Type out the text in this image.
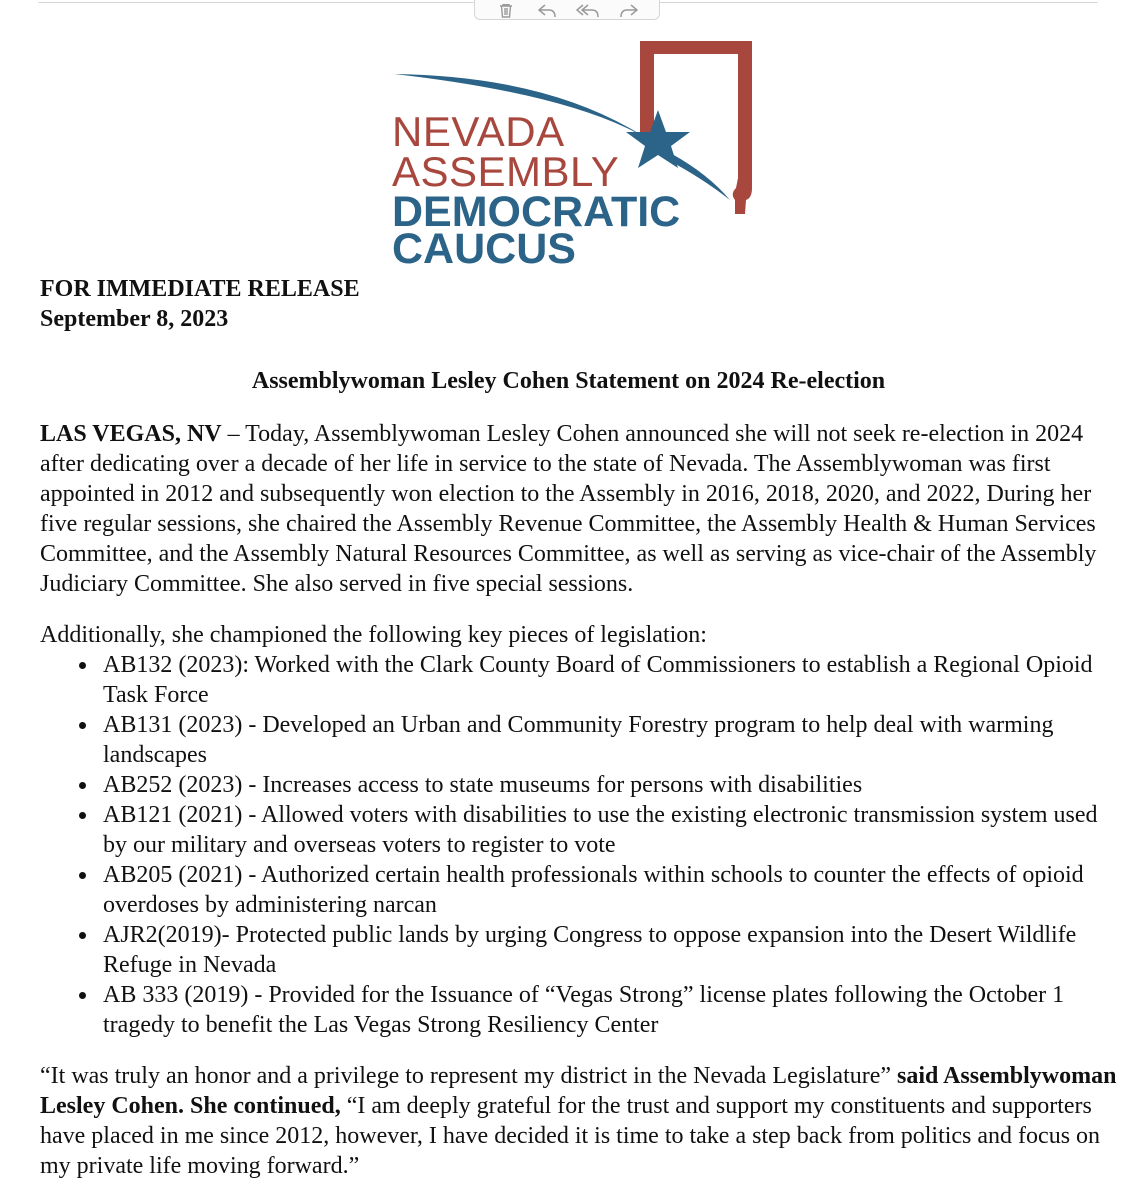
NEVADA
ASSEMBLY
DEMOCRATIC
CAUCUS
FOR IMMEDIATE RELEASE
September 8, 2023
Assemblywoman Lesley Cohen Statement on 2024 Re-election

LAS VEGAS, NV – Today, Assemblywoman Lesley Cohen announced she will not seek re-election in 2024 after dedicating over a decade of her life in service to the state of Nevada. The Assemblywoman was first appointed in 2012 and subsequently won election to the Assembly in 2016, 2018, 2020, and 2022, During her five regular sessions, she chaired the Assembly Revenue Committee, the Assembly Health & Human Services Committee, and the Assembly Natural Resources Committee, as well as serving as vice-chair of the Assembly Judiciary Committee. She also served in five special sessions.

Additionally, she championed the following key pieces of legislation:

AB132 (2023): Worked with the Clark County Board of Commissioners to establish a Regional Opioid Task Force
AB131 (2023) - Developed an Urban and Community Forestry program to help deal with warming landscapes
AB252 (2023) - Increases access to state museums for persons with disabilities
AB121 (2021) - Allowed voters with disabilities to use the existing electronic transmission system used by our military and overseas voters to register to vote
AB205 (2021) - Authorized certain health professionals within schools to counter the effects of opioid overdoses by administering narcan
AJR2(2019)- Protected public lands by urging Congress to oppose expansion into the Desert Wildlife Refuge in Nevada
AB 333 (2019) - Provided for the Issuance of “Vegas Strong” license plates following the October 1 tragedy to benefit the Las Vegas Strong Resiliency Center

“It was truly an honor and a privilege to represent my district in the Nevada Legislature” said Assemblywoman Lesley Cohen. She continued, “I am deeply grateful for the trust and support my constituents and supporters have placed in me since 2012, however, I have decided it is time to take a step back from politics and focus on my private life moving forward.”
